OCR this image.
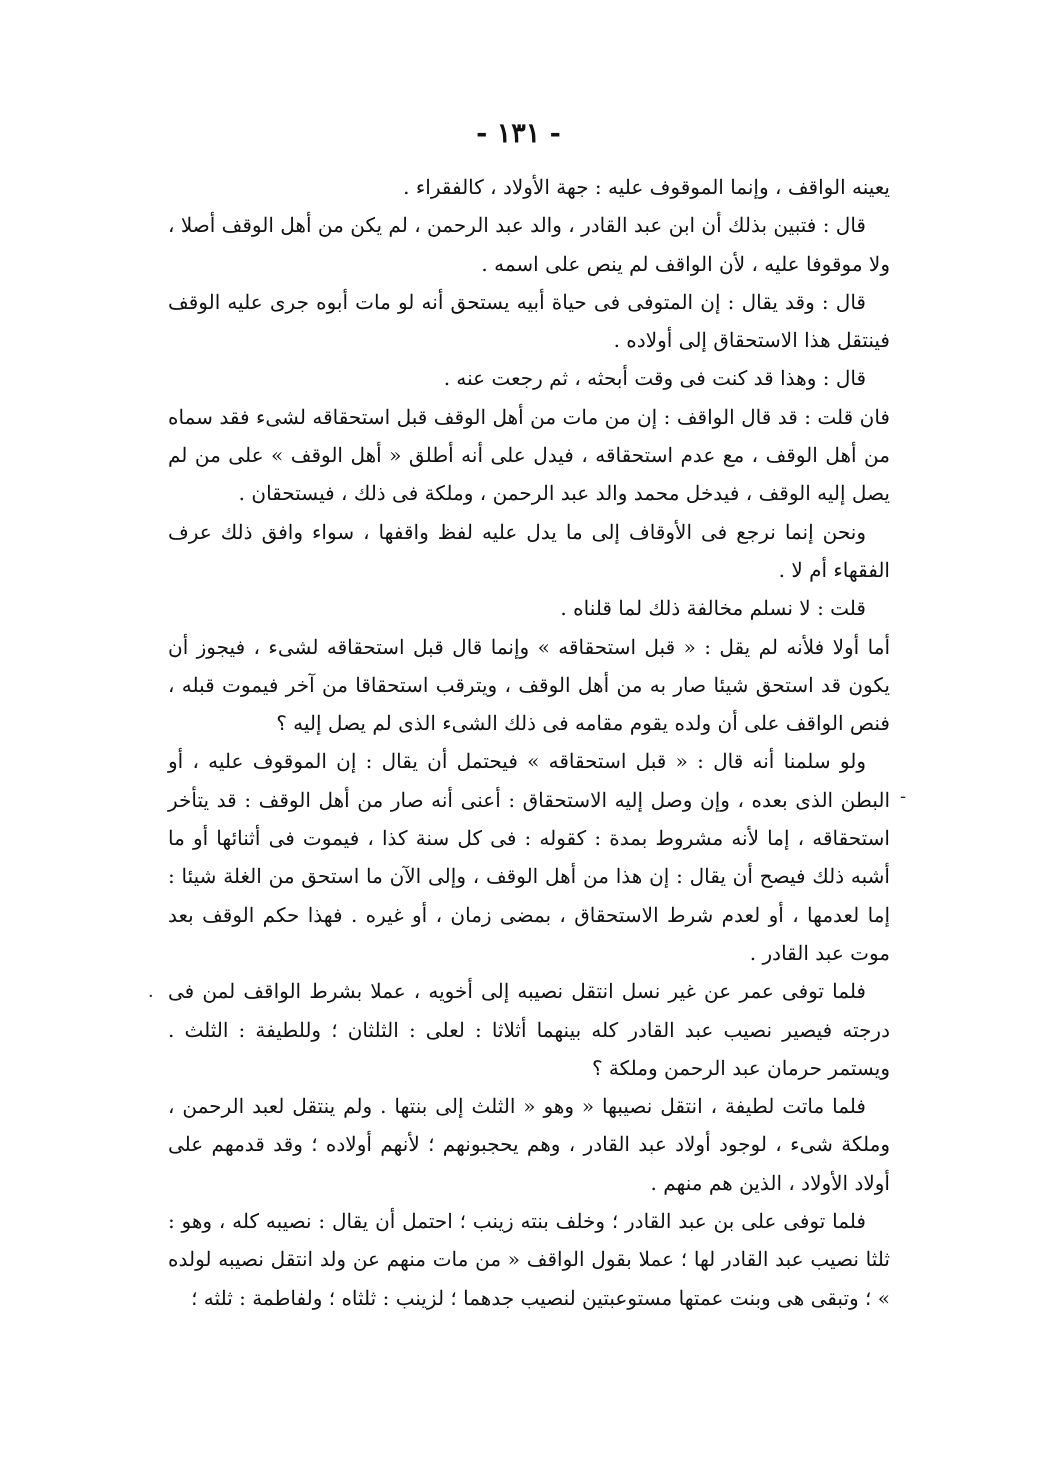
- ١٣١ -

يعينه الواقف ، وإنما الموقوف عليه : جهة الأولاد ، كالفقراء .

قال : فتبين بذلك أن ابن عبد القادر ، والد عبد الرحمن ، لم يكن من أهل الوقف أصلا ، ولا موقوفا عليه ، لأن الواقف لم ينص على اسمه .

قال : وقد يقال : إن المتوفى فى حياة أبيه يستحق أنه لو مات أبوه جرى عليه الوقف فينتقل هذا الاستحقاق إلى أولاده .

قال : وهذا قد كنت فى وقت أبحثه ، ثم رجعت عنه .

فان قلت : قد قال الواقف : إن من مات من أهل الوقف قبل استحقاقه لشىء فقد سماه من أهل الوقف ، مع عدم استحقاقه ، فيدل على أنه أطلق « أهل الوقف » على من لم يصل إليه الوقف ، فيدخل محمد والد عبد الرحمن ، وملكة فى ذلك ، فيستحقان .

ونحن إنما نرجع فى الأوقاف إلى ما يدل عليه لفظ واقفها ، سواء وافق ذلك عرف الفقهاء أم لا .

قلت : لا نسلم مخالفة ذلك لما قلناه .

أما أولا فلأنه لم يقل : « قبل استحقاقه » وإنما قال قبل استحقاقه لشىء ، فيجوز أن يكون قد استحق شيئا صار به من أهل الوقف ، ويترقب استحقاقا من آخر فيموت قبله ، فنص الواقف على أن ولده يقوم مقامه فى ذلك الشىء الذى لم يصل إليه ؟

ولو سلمنا أنه قال : « قبل استحقاقه » فيحتمل أن يقال : إن الموقوف عليه ، أو البطن الذى بعده ، وإن وصل إليه الاستحقاق : أعنى أنه صار من أهل الوقف : قد يتأخر استحقاقه ، إما لأنه مشروط بمدة : كقوله : فى كل سنة كذا ، فيموت فى أثنائها أو ما أشبه ذلك فيصح أن يقال : إن هذا من أهل الوقف ، وإلى الآن ما استحق من الغلة شيئا : إما لعدمها ، أو لعدم شرط الاستحقاق ، بمضى زمان ، أو غيره . فهذا حكم الوقف بعد موت عبد القادر .

فلما توفى عمر عن غير نسل انتقل نصيبه إلى أخويه ، عملا بشرط الواقف لمن فى درجته فيصير نصيب عبد القادر كله بينهما أثلاثا : لعلى : الثلثان ؛ وللطيفة : الثلث . ويستمر حرمان عبد الرحمن وملكة ؟

فلما ماتت لطيفة ، انتقل نصيبها « وهو « الثلث إلى بنتها . ولم ينتقل لعبد الرحمن ، وملكة شىء ، لوجود أولاد عبد القادر ، وهم يحجبونهم ؛ لأنهم أولاده ؛ وقد قدمهم على أولاد الأولاد ، الذين هم منهم .

فلما توفى على بن عبد القادر ؛ وخلف بنته زينب ؛ احتمل أن يقال : نصيبه كله ، وهو : ثلثا نصيب عبد القادر لها ؛ عملا بقول الواقف « من مات منهم عن ولد انتقل نصيبه لولده » ؛ وتبقى هى وبنت عمتها مستوعبتين لنصيب جدهما ؛ لزينب : ثلثاه ؛ ولفاطمة : ثلثه ؛

-
·
